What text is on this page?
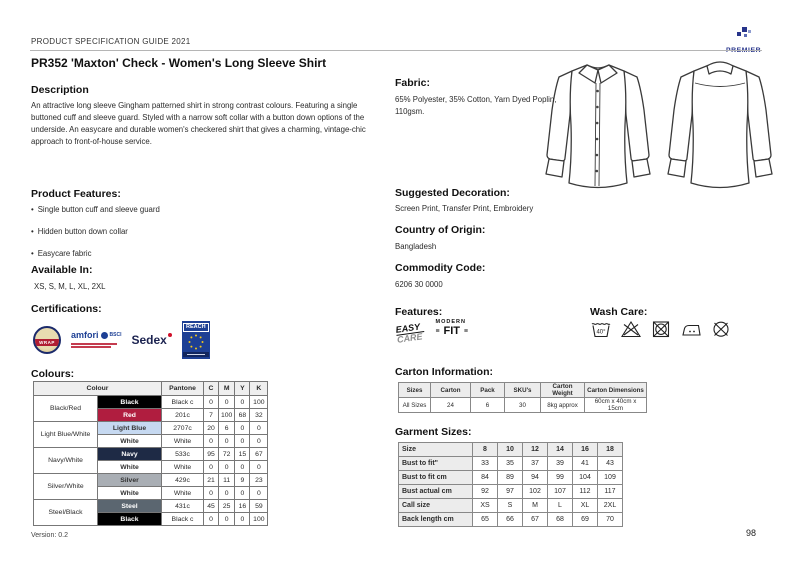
PRODUCT SPECIFICATION GUIDE 2021
PR352 'Maxton' Check - Women's Long Sleeve Shirt
Description
An attractive long sleeve Gingham patterned shirt in strong contrast colours. Featuring a single buttoned cuff and sleeve guard. Styled with a narrow soft collar with a button down options of the underside. An easycare and durable women's checkered shirt that gives a charming, vintage-chic approach to front-of-house service.
Product Features:
• Single button cuff and sleeve guard
• Hidden button down collar
• Easycare fabric
Available In:
XS, S, M, L, XL, 2XL
Certifications:
WRAP
amfori BSCI Sedex
REACH
Colours:
Colour		Pantone	C	M	Y	K
Black/Red	Black	Black c	0	0	0	100
	Red	201c	7	100	68	32
Light Blue/White	Light Blue	2707c	20	6	0	0
	White	White	0	0	0	0
Navy/White	Navy	533c	95	72	15	67
	White	White	0	0	0	0
Silver/White	Silver	429c	21	11	9	23
	White	White	0	0	0	0
Steel/Black	Steel	431c	45	25	16	59
	Black	Black c	0	0	0	100
Fabric:
65% Polyester, 35% Cotton, Yarn Dyed Poplin, 110gsm.
Suggested Decoration:
Screen Print, Transfer Print, Embroidery
Country of Origin:
Bangladesh
Commodity Code:
6206 30 0000
Features:
EASY
CARE
MODERN
≡ FIT ≡
Wash Care:
40°
Carton Information:
Sizes	Carton	Pack	SKU's	Carton Weight	Carton Dimensions
All Sizes	24	6	30	8kg approx	60cm x 40cm x 15cm
Garment Sizes:
Size	8	10	12	14	16	18
Bust to fit"	33	35	37	39	41	43
Bust to fit cm	84	89	94	99	104	109
Bust actual cm	92	97	102	107	112	117
Call size	XS	S	M	L	XL	2XL
Back length cm	65	66	67	68	69	70
Version: 0.2	98
